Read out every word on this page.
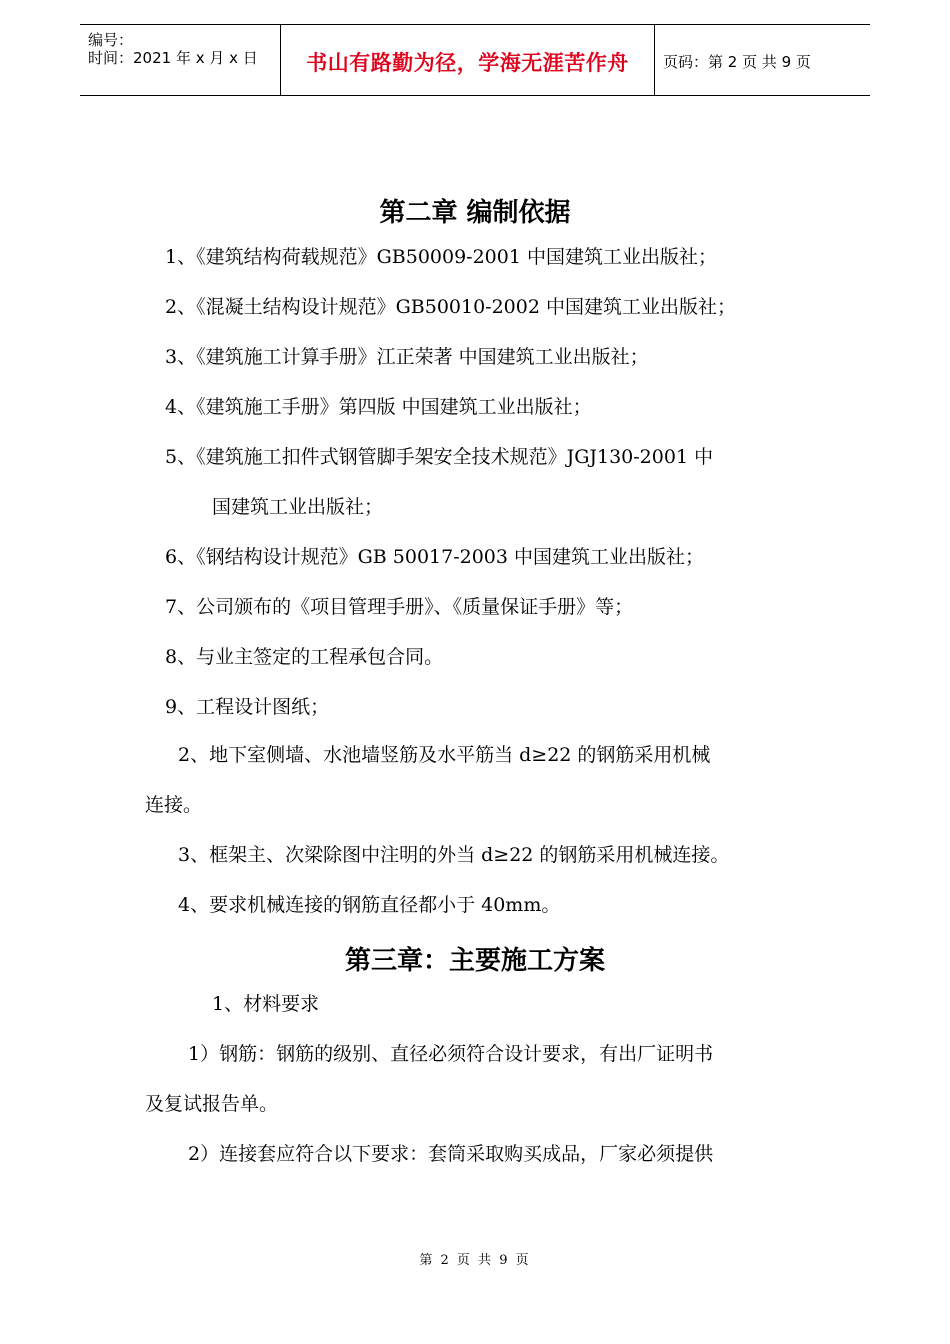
编号：
时间：2021 年 x 月 x 日	书山有路勤为径，学海无涯苦作舟	页码：第 2 页 共 9 页
第二章 编制依据
1、《建筑结构荷载规范》GB50009-2001 中国建筑工业出版社；
2、《混凝土结构设计规范》GB50010-2002 中国建筑工业出版社；
3、《建筑施工计算手册》江正荣著 中国建筑工业出版社；
4、《建筑施工手册》第四版 中国建筑工业出版社；
5、《建筑施工扣件式钢管脚手架安全技术规范》JGJ130-2001 中
国建筑工业出版社；
6、《钢结构设计规范》GB 50017-2003 中国建筑工业出版社；
7、公司颁布的《项目管理手册》、《质量保证手册》等；
8、与业主签定的工程承包合同。
9、工程设计图纸；
2、地下室侧墙、水池墙竖筋及水平筋当 d≥22 的钢筋采用机械
连接。
3、框架主、次梁除图中注明的外当 d≥22 的钢筋采用机械连接。
4、要求机械连接的钢筋直径都小于 40mm。
第三章：主要施工方案
1、材料要求
1）钢筋：钢筋的级别、直径必须符合设计要求，有出厂证明书
及复试报告单。
2）连接套应符合以下要求：套筒采取购买成品，厂家必须提供
第 2 页 共 9 页
